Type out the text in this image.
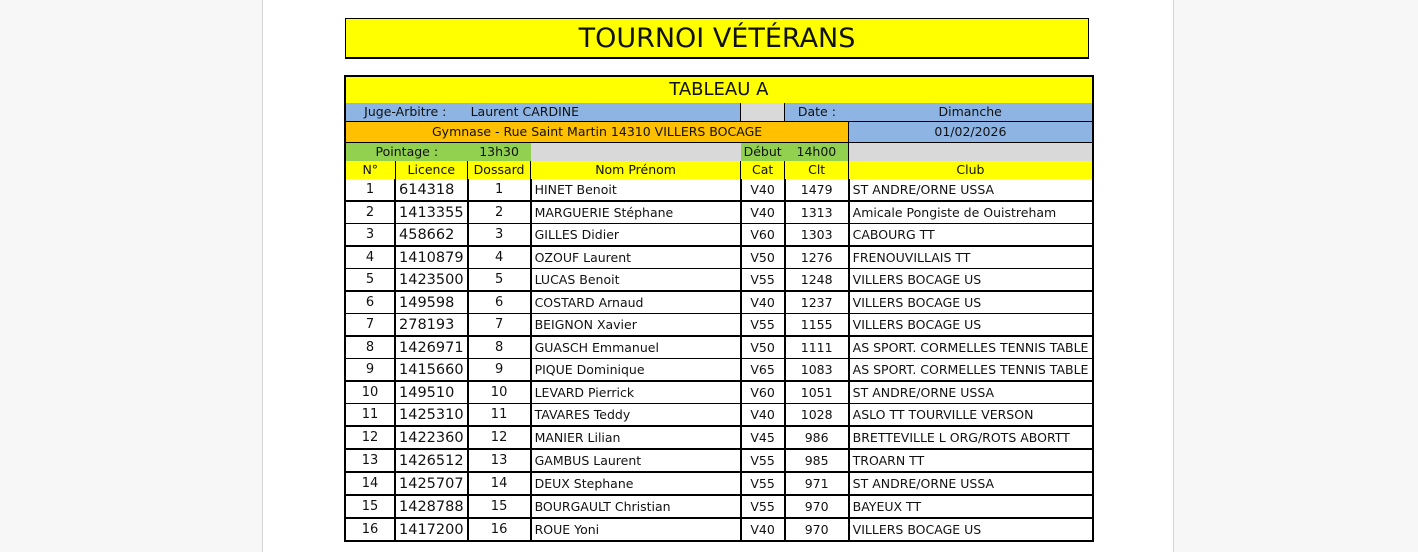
TOURNOI VÉTÉRANS
TABLEAU A						
Juge-Arbitre :		Laurent CARDINE			Date :	Dimanche
Gymnase - Rue Saint Martin 14310 VILLERS BOCAGE						01/02/2026
Pointage :		13h30		Début	14h00	
N°	Licence	Dossard	Nom Prénom	Cat	Clt	Club
1	614318	1	HINET Benoit	V40	1479	ST ANDRE/ORNE USSA
2	1413355	2	MARGUERIE Stéphane	V40	1313	Amicale Pongiste de Ouistreham
3	458662	3	GILLES Didier	V60	1303	CABOURG TT
4	1410879	4	OZOUF Laurent	V50	1276	FRENOUVILLAIS TT
5	1423500	5	LUCAS Benoit	V55	1248	VILLERS BOCAGE US
6	149598	6	COSTARD Arnaud	V40	1237	VILLERS BOCAGE US
7	278193	7	BEIGNON Xavier	V55	1155	VILLERS BOCAGE US
8	1426971	8	GUASCH Emmanuel	V50	1111	AS SPORT. CORMELLES TENNIS TABLE
9	1415660	9	PIQUE Dominique	V65	1083	AS SPORT. CORMELLES TENNIS TABLE
10	149510	10	LEVARD Pierrick	V60	1051	ST ANDRE/ORNE USSA
11	1425310	11	TAVARES Teddy	V40	1028	ASLO TT TOURVILLE VERSON
12	1422360	12	MANIER Lilian	V45	986	BRETTEVILLE L ORG/ROTS ABORTT
13	1426512	13	GAMBUS Laurent	V55	985	TROARN TT
14	1425707	14	DEUX Stephane	V55	971	ST ANDRE/ORNE USSA
15	1428788	15	BOURGAULT Christian	V55	970	BAYEUX TT
16	1417200	16	ROUE Yoni	V40	970	VILLERS BOCAGE US
